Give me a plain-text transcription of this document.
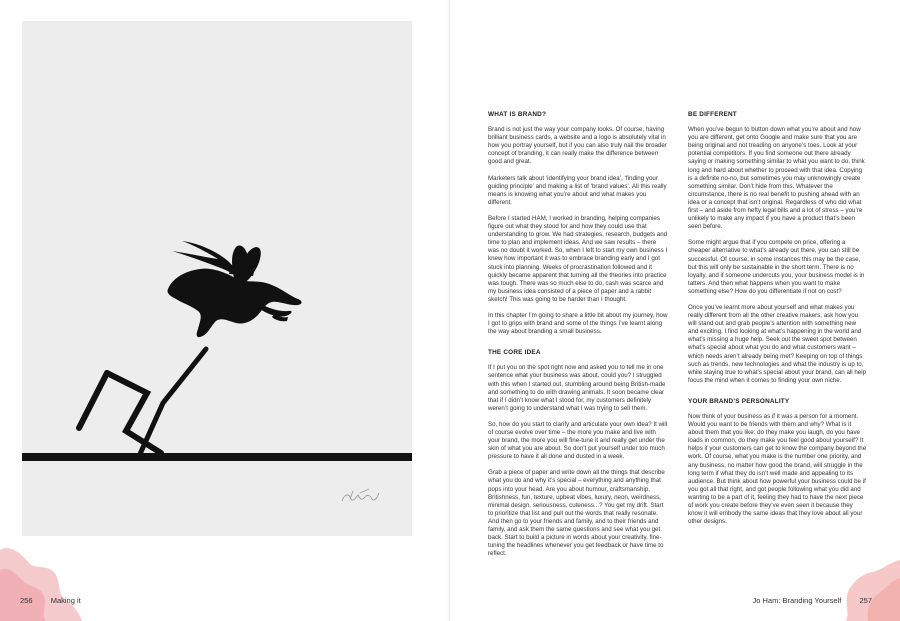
256 Making it
WHAT IS BRAND?

Brand is not just the way your company looks. Of course, having brilliant business cards, a website and a logo is absolutely vital in how you portray yourself, but if you can also truly nail the broader concept of branding, it can really make the difference between good and great.

Marketers talk about ‘identifying your brand idea’, ‘finding your guiding principle’ and making a list of ‘brand values’. All this really means is knowing what you’re about and what makes you different.

Before I started HAM, I worked in branding, helping companies figure out what they stood for and how they could use that understanding to grow. We had strategies, research, budgets and time to plan and implement ideas. And we saw results – there was no doubt it worked. So, when I left to start my own business I knew how important it was to embrace branding early and I got stuck into planning. Weeks of procrastination followed and it quickly became apparent that turning all the theories into practice was tough. There was so much else to do, cash was scarce and my business idea consisted of a piece of paper and a rabbit sketch! This was going to be harder than I thought.

In this chapter I’m going to share a little bit about my journey, how I got to grips with brand and some of the things I’ve learnt along the way about branding a small business.

THE CORE IDEA

If I put you on the spot right now and asked you to tell me in one sentence what your business was about, could you? I struggled with this when I started out, stumbling around being British-made and something to do with drawing animals. It soon became clear that if I didn’t know what I stood for, my customers definitely weren’t going to understand what I was trying to sell them.

So, how do you start to clarify and articulate your own idea? It will of course evolve over time – the more you make and live with your brand, the more you will fine-tune it and really get under the skin of what you are about. So don’t put yourself under too much pressure to have it all done and dusted in a week.

Grab a piece of paper and write down all the things that describe what you do and why it’s special – everything and anything that pops into your head. Are you about humour, craftsmanship, Britishness, fun, texture, upbeat vibes, luxury, neon, weirdness, minimal design, seriousness, cuteness...? You get my drift. Start to prioritize that list and pull out the words that really resonate. And then go to your friends and family, and to their friends and family, and ask them the same questions and see what you get back. Start to build a picture in words about your creativity, fine-tuning the headlines whenever you get feedback or have time to reflect.

BE DIFFERENT

When you’ve begun to button down what you’re about and how you are different, get onto Google and make sure that you are being original and not treading on anyone’s toes. Look at your potential competitors. If you find someone out there already saying or making something similar to what you want to do, think long and hard about whether to proceed with that idea. Copying is a definite no-no, but sometimes you may unknowingly create something similar. Don’t hide from this. Whatever the circumstance, there is no real benefit to pushing ahead with an idea or a concept that isn’t original. Regardless of who did what first – and aside from hefty legal bills and a lot of stress – you’re unlikely to make any impact if you have a product that’s been seen before.

Some might argue that if you compete on price, offering a cheaper alternative to what’s already out there, you can still be successful. Of course, in some instances this may be the case, but this will only be sustainable in the short term. There is no loyalty, and if someone undercuts you, your business model is in tatters. And then what happens when you want to make something else? How do you differentiate if not on cost?

Once you’ve learnt more about yourself and what makes you really different from all the other creative makers, ask how you will stand out and grab people’s attention with something new and exciting. I find looking at what’s happening in the world and what’s missing a huge help. Seek out the sweet spot between what’s special about what you do and what customers want – which needs aren’t already being met? Keeping on top of things such as trends, new technologies and what the industry is up to, while staying true to what’s special about your brand, can all help focus the mind when it comes to finding your own niche.

YOUR BRAND’S PERSONALITY

Now think of your business as if it was a person for a moment. Would you want to be friends with them and why? What is it about them that you like: do they make you laugh, do you have loads in common, do they make you feel good about yourself? It helps if your customers can get to know the company beyond the work. Of course, what you make is the number one priority, and any business, no matter how good the brand, will struggle in the long term if what they do isn’t well made and appealing to its audience. But think about how powerful your business could be if you got all that right, and got people following what you did and wanting to be a part of it, feeling they had to have the next piece of work you create before they’ve even seen it because they know it will embody the same ideas that they love about all your other designs.

Jo Ham: Branding Yourself 257
